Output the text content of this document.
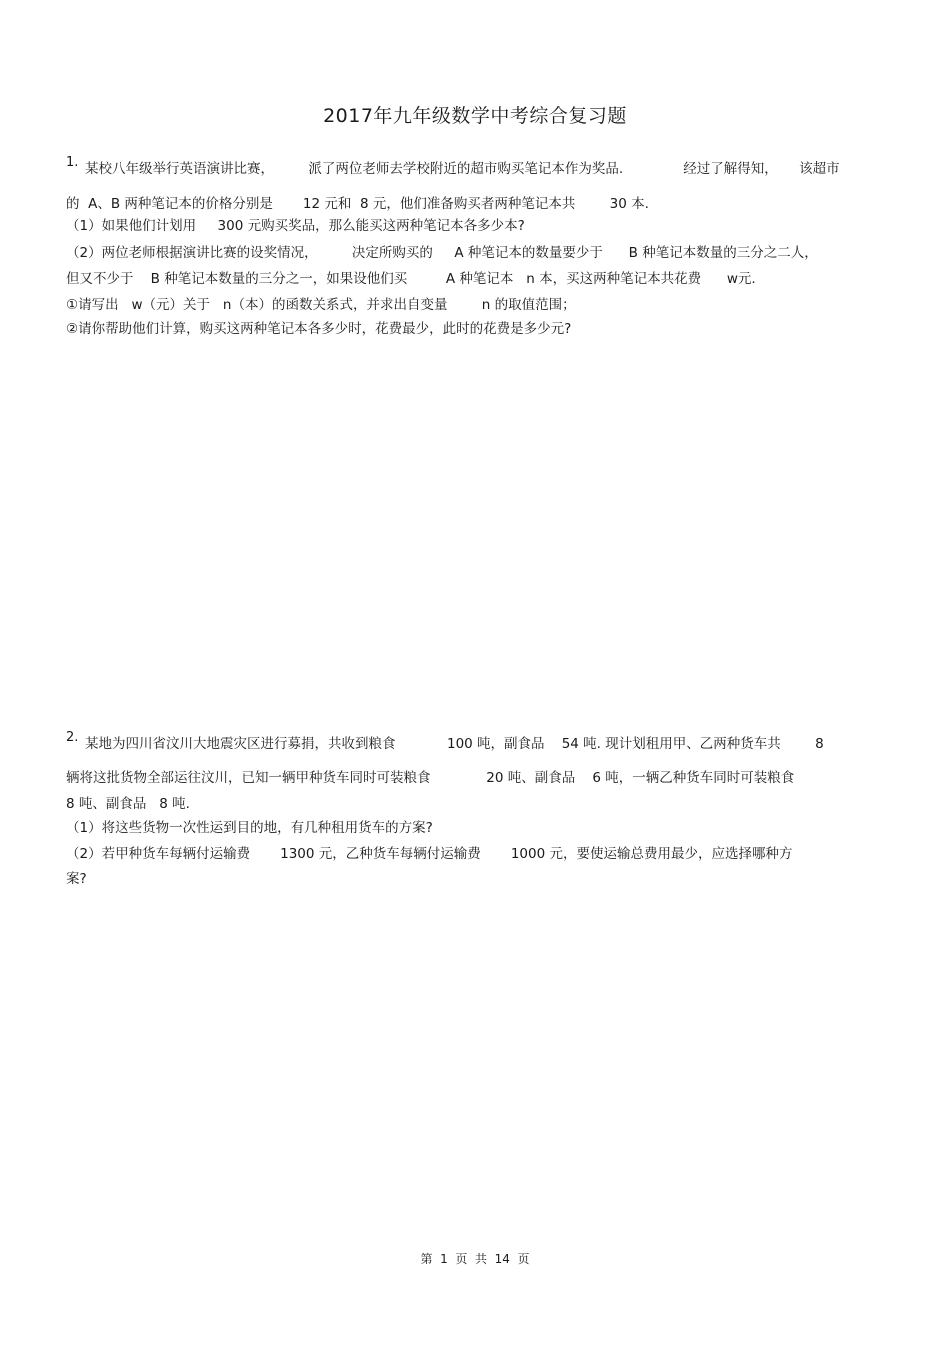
2017年九年级数学中考综合复习题
1. 某校八年级举行英语演讲比赛，        派了两位老师去学校附近的超市购买笔记本作为奖品.              经过了解得知，     该超市
的  A、B 两种笔记本的价格分别是       12 元和  8 元，他们准备购买者两种笔记本共        30 本.
（1）如果他们计划用     300 元购买奖品，那么能买这两种笔记本各多少本?
（2）两位老师根据演讲比赛的设奖情况，        决定所购买的     A 种笔记本的数量要少于      B 种笔记本数量的三分之二人，
但又不少于    B 种笔记本数量的三分之一，如果设他们买         A 种笔记本   n 本，买这两种笔记本共花费      w元.
①请写出   w（元）关于   n（本）的函数关系式，并求出自变量        n 的取值范围；
②请你帮助他们计算，购买这两种笔记本各多少时，花费最少，此时的花费是多少元?
2. 某地为四川省汶川大地震灾区进行募捐，共收到粮食            100 吨，副食品    54 吨. 现计划租用甲、乙两种货车共        8
辆将这批货物全部运往汶川，已知一辆甲种货车同时可装粮食             20 吨、副食品    6 吨，一辆乙种货车同时可装粮食
8 吨、副食品   8 吨.
（1）将这些货物一次性运到目的地，有几种租用货车的方案?
（2）若甲种货车每辆付运输费       1300 元，乙种货车每辆付运输费       1000 元，要使运输总费用最少，应选择哪种方
案?
第  1  页  共  14  页
